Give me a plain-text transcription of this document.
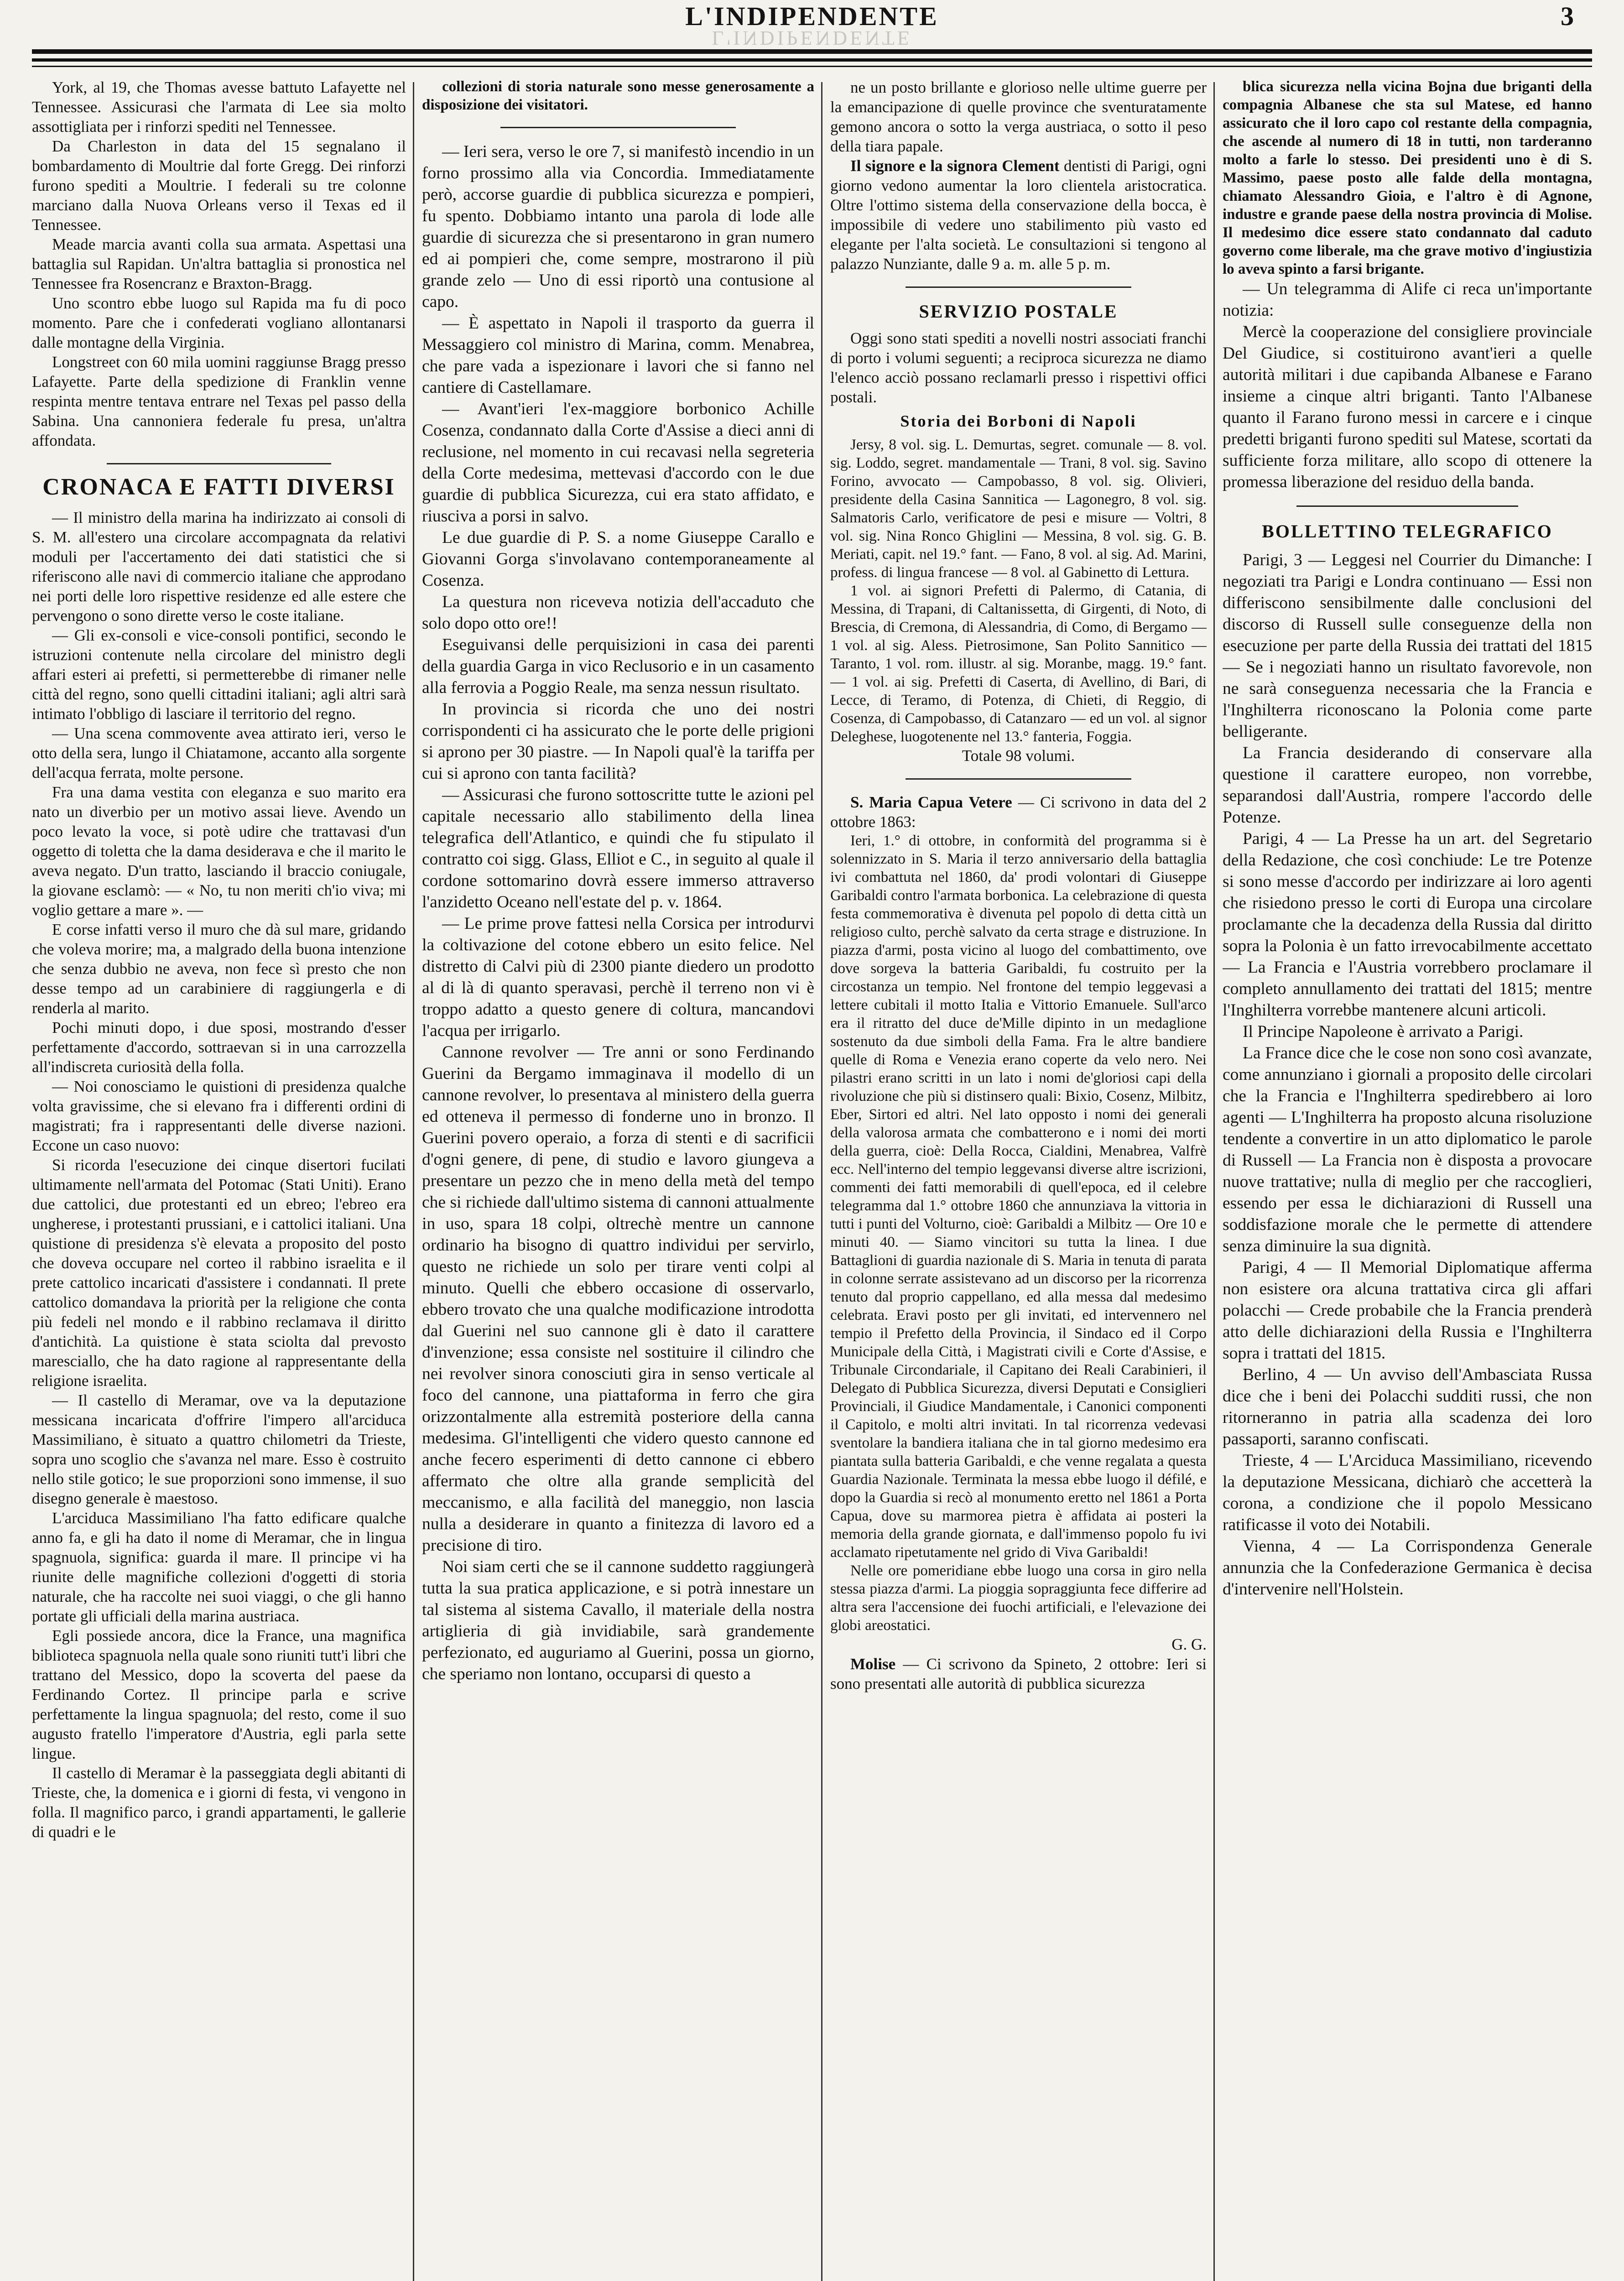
L'INDIPENDENTE	3
L'INDIPENDENTE

York, al 19, che Thomas avesse battuto Lafayette nel Tennessee. Assicurasi che l'armata di Lee sia molto assottigliata per i rinforzi spediti nel Tennessee.

Da Charleston in data del 15 segnalano il bombardamento di Moultrie dal forte Gregg. Dei rinforzi furono spediti a Moultrie. I federali su tre colonne marciano dalla Nuova Orleans verso il Texas ed il Tennessee.

Meade marcia avanti colla sua armata. Aspettasi una battaglia sul Rapidan. Un'altra battaglia si pronostica nel Tennessee fra Rosencranz e Braxton-Bragg.

Uno scontro ebbe luogo sul Rapida ma fu di poco momento. Pare che i confederati vogliano allontanarsi dalle montagne della Virginia.

Longstreet con 60 mila uomini raggiunse Bragg presso Lafayette. Parte della spedizione di Franklin venne respinta mentre tentava entrare nel Texas pel passo della Sabina. Una cannoniera federale fu presa, un'altra affondata.

CRONACA E FATTI DIVERSI

— Il ministro della marina ha indirizzato ai consoli di S. M. all'estero una circolare accompagnata da relativi moduli per l'accertamento dei dati statistici che si riferiscono alle navi di commercio italiane che approdano nei porti delle loro rispettive residenze ed alle estere che pervengono o sono dirette verso le coste italiane.

— Gli ex-consoli e vice-consoli pontifici, secondo le istruzioni contenute nella circolare del ministro degli affari esteri ai prefetti, si permetterebbe di rimaner nelle città del regno, sono quelli cittadini italiani; agli altri sarà intimato l'obbligo di lasciare il territorio del regno.

— Una scena commovente avea attirato ieri, verso le otto della sera, lungo il Chiatamone, accanto alla sorgente dell'acqua ferrata, molte persone.

Fra una dama vestita con eleganza e suo marito era nato un diverbio per un motivo assai lieve. Avendo un poco levato la voce, si potè udire che trattavasi d'un oggetto di toletta che la dama desiderava e che il marito le aveva negato. D'un tratto, lasciando il braccio coniugale, la giovane esclamò: — « No, tu non meriti ch'io viva; mi voglio gettare a mare ». —

E corse infatti verso il muro che dà sul mare, gridando che voleva morire; ma, a malgrado della buona intenzione che senza dubbio ne aveva, non fece sì presto che non desse tempo ad un carabiniere di raggiungerla e di renderla al marito.

Pochi minuti dopo, i due sposi, mostrando d'esser perfettamente d'accordo, sottraevan si in una carrozzella all'indiscreta curiosità della folla.

— Noi conosciamo le quistioni di presidenza qualche volta gravissime, che si elevano fra i differenti ordini di magistrati; fra i rappresentanti delle diverse nazioni. Eccone un caso nuovo:

Si ricorda l'esecuzione dei cinque disertori fucilati ultimamente nell'armata del Potomac (Stati Uniti). Erano due cattolici, due protestanti ed un ebreo; l'ebreo era ungherese, i protestanti prussiani, e i cattolici italiani. Una quistione di presidenza s'è elevata a proposito del posto che doveva occupare nel corteo il rabbino israelita e il prete cattolico incaricati d'assistere i condannati. Il prete cattolico domandava la priorità per la religione che conta più fedeli nel mondo e il rabbino reclamava il diritto d'antichità. La quistione è stata sciolta dal prevosto maresciallo, che ha dato ragione al rappresentante della religione israelita.

— Il castello di Meramar, ove va la deputazione messicana incaricata d'offrire l'impero all'arciduca Massimiliano, è situato a quattro chilometri da Trieste, sopra uno scoglio che s'avanza nel mare. Esso è costruito nello stile gotico; le sue proporzioni sono immense, il suo disegno generale è maestoso.

L'arciduca Massimiliano l'ha fatto edificare qualche anno fa, e gli ha dato il nome di Meramar, che in lingua spagnuola, significa: guarda il mare. Il principe vi ha riunite delle magnifiche collezioni d'oggetti di storia naturale, che ha raccolte nei suoi viaggi, o che gli hanno portate gli ufficiali della marina austriaca.

Egli possiede ancora, dice la France, una magnifica biblioteca spagnuola nella quale sono riuniti tutt'i libri che trattano del Messico, dopo la scoverta del paese da Ferdinando Cortez. Il principe parla e scrive perfettamente la lingua spagnuola; del resto, come il suo augusto fratello l'imperatore d'Austria, egli parla sette lingue.

Il castello di Meramar è la passeggiata degli abitanti di Trieste, che, la domenica e i giorni di festa, vi vengono in folla. Il magnifico parco, i grandi appartamenti, le gallerie di quadri e le

collezioni di storia naturale sono messe generosamente a disposizione dei visitatori.

— Ieri sera, verso le ore 7, si manifestò incendio in un forno prossimo alla via Concordia. Immediatamente però, accorse guardie di pubblica sicurezza e pompieri, fu spento. Dobbiamo intanto una parola di lode alle guardie di sicurezza che si presentarono in gran numero ed ai pompieri che, come sempre, mostrarono il più grande zelo — Uno di essi riportò una contusione al capo.

— È aspettato in Napoli il trasporto da guerra il Messaggiero col ministro di Marina, comm. Menabrea, che pare vada a ispezionare i lavori che si fanno nel cantiere di Castellamare.

— Avant'ieri l'ex-maggiore borbonico Achille Cosenza, condannato dalla Corte d'Assise a dieci anni di reclusione, nel momento in cui recavasi nella segreteria della Corte medesima, mettevasi d'accordo con le due guardie di pubblica Sicurezza, cui era stato affidato, e riusciva a porsi in salvo.

Le due guardie di P. S. a nome Giuseppe Carallo e Giovanni Gorga s'involavano contemporaneamente al Cosenza.

La questura non riceveva notizia dell'accaduto che solo dopo otto ore!!

Eseguivansi delle perquisizioni in casa dei parenti della guardia Garga in vico Reclusorio e in un casamento alla ferrovia a Poggio Reale, ma senza nessun risultato.

In provincia si ricorda che uno dei nostri corrispondenti ci ha assicurato che le porte delle prigioni si aprono per 30 piastre. — In Napoli qual'è la tariffa per cui si aprono con tanta facilità?

— Assicurasi che furono sottoscritte tutte le azioni pel capitale necessario allo stabilimento della linea telegrafica dell'Atlantico, e quindi che fu stipulato il contratto coi sigg. Glass, Elliot e C., in seguito al quale il cordone sottomarino dovrà essere immerso attraverso l'anzidetto Oceano nell'estate del p. v. 1864.

— Le prime prove fattesi nella Corsica per introdurvi la coltivazione del cotone ebbero un esito felice. Nel distretto di Calvi più di 2300 piante diedero un prodotto al di là di quanto speravasi, perchè il terreno non vi è troppo adatto a questo genere di coltura, mancandovi l'acqua per irrigarlo.

Cannone revolver — Tre anni or sono Ferdinando Guerini da Bergamo immaginava il modello di un cannone revolver, lo presentava al ministero della guerra ed otteneva il permesso di fonderne uno in bronzo. Il Guerini povero operaio, a forza di stenti e di sacrificii d'ogni genere, di pene, di studio e lavoro giungeva a presentare un pezzo che in meno della metà del tempo che si richiede dall'ultimo sistema di cannoni attualmente in uso, spara 18 colpi, oltrechè mentre un cannone ordinario ha bisogno di quattro individui per servirlo, questo ne richiede un solo per tirare venti colpi al minuto. Quelli che ebbero occasione di osservarlo, ebbero trovato che una qualche modificazione introdotta dal Guerini nel suo cannone gli è dato il carattere d'invenzione; essa consiste nel sostituire il cilindro che nei revolver sinora conosciuti gira in senso verticale al foco del cannone, una piattaforma in ferro che gira orizzontalmente alla estremità posteriore della canna medesima. Gl'intelligenti che videro questo cannone ed anche fecero esperimenti di detto cannone ci ebbero affermato che oltre alla grande semplicità del meccanismo, e alla facilità del maneggio, non lascia nulla a desiderare in quanto a finitezza di lavoro ed a precisione di tiro.

Noi siam certi che se il cannone suddetto raggiungerà tutta la sua pratica applicazione, e si potrà innestare un tal sistema al sistema Cavallo, il materiale della nostra artiglieria di già invidiabile, sarà grandemente perfezionato, ed auguriamo al Guerini, possa un giorno, che speriamo non lontano, occuparsi di questo a

ne un posto brillante e glorioso nelle ultime guerre per la emancipazione di quelle province che sventuratamente gemono ancora o sotto la verga austriaca, o sotto il peso della tiara papale.

Il signore e la signora Clement dentisti di Parigi, ogni giorno vedono aumentar la loro clientela aristocratica. Oltre l'ottimo sistema della conservazione della bocca, è impossibile di vedere uno stabilimento più vasto ed elegante per l'alta società. Le consultazioni si tengono al palazzo Nunziante, dalle 9 a. m. alle 5 p. m.

SERVIZIO POSTALE

Oggi sono stati spediti a novelli nostri associati franchi di porto i volumi seguenti; a reciproca sicurezza ne diamo l'elenco acciò possano reclamarli presso i rispettivi offici postali.

Storia dei Borboni di Napoli

Jersy, 8 vol. sig. L. Demurtas, segret. comunale — 8. vol. sig. Loddo, segret. mandamentale — Trani, 8 vol. sig. Savino Forino, avvocato — Campobasso, 8 vol. sig. Olivieri, presidente della Casina Sannitica — Lagonegro, 8 vol. sig. Salmatoris Carlo, verificatore de pesi e misure — Voltri, 8 vol. sig. Nina Ronco Ghiglini — Messina, 8 vol. sig. G. B. Meriati, capit. nel 19.° fant. — Fano, 8 vol. al sig. Ad. Marini, profess. di lingua francese — 8 vol. al Gabinetto di Lettura.

1 vol. ai signori Prefetti di Palermo, di Catania, di Messina, di Trapani, di Caltanissetta, di Girgenti, di Noto, di Brescia, di Cremona, di Alessandria, di Como, di Bergamo — 1 vol. al sig. Aless. Pietrosimone, San Polito Sannitico — Taranto, 1 vol. rom. illustr. al sig. Moranbe, magg. 19.° fant. — 1 vol. ai sig. Prefetti di Caserta, di Avellino, di Bari, di Lecce, di Teramo, di Potenza, di Chieti, di Reggio, di Cosenza, di Campobasso, di Catanzaro — ed un vol. al signor Deleghese, luogotenente nel 13.° fanteria, Foggia.

Totale 98 volumi.

S. Maria Capua Vetere — Ci scrivono in data del 2 ottobre 1863:

Ieri, 1.° di ottobre, in conformità del programma si è solennizzato in S. Maria il terzo anniversario della battaglia ivi combattuta nel 1860, da' prodi volontari di Giuseppe Garibaldi contro l'armata borbonica. La celebrazione di questa festa commemorativa è divenuta pel popolo di detta città un religioso culto, perchè salvato da certa strage e distruzione. In piazza d'armi, posta vicino al luogo del combattimento, ove dove sorgeva la batteria Garibaldi, fu costruito per la circostanza un tempio. Nel frontone del tempio leggevasi a lettere cubitali il motto Italia e Vittorio Emanuele. Sull'arco era il ritratto del duce de'Mille dipinto in un medaglione sostenuto da due simboli della Fama. Fra le altre bandiere quelle di Roma e Venezia erano coperte da velo nero. Nei pilastri erano scritti in un lato i nomi de'gloriosi capi della rivoluzione che più si distinsero quali: Bixio, Cosenz, Milbitz, Eber, Sirtori ed altri. Nel lato opposto i nomi dei generali della valorosa armata che combatterono e i nomi dei morti della guerra, cioè: Della Rocca, Cialdini, Menabrea, Valfrè ecc. Nell'interno del tempio leggevansi diverse altre iscrizioni, commenti dei fatti memorabili di quell'epoca, ed il celebre telegramma dal 1.° ottobre 1860 che annunziava la vittoria in tutti i punti del Volturno, cioè: Garibaldi a Milbitz — Ore 10 e minuti 40. — Siamo vincitori su tutta la linea. I due Battaglioni di guardia nazionale di S. Maria in tenuta di parata in colonne serrate assistevano ad un discorso per la ricorrenza tenuto dal proprio cappellano, ed alla messa dal medesimo celebrata. Eravi posto per gli invitati, ed intervennero nel tempio il Prefetto della Provincia, il Sindaco ed il Corpo Municipale della Città, i Magistrati civili e Corte d'Assise, e Tribunale Circondariale, il Capitano dei Reali Carabinieri, il Delegato di Pubblica Sicurezza, diversi Deputati e Consiglieri Provinciali, il Giudice Mandamentale, i Canonici componenti il Capitolo, e molti altri invitati. In tal ricorrenza vedevasi sventolare la bandiera italiana che in tal giorno medesimo era piantata sulla batteria Garibaldi, e che venne regalata a questa Guardia Nazionale. Terminata la messa ebbe luogo il défilé, e dopo la Guardia si recò al monumento eretto nel 1861 a Porta Capua, dove su marmorea pietra è affidata ai posteri la memoria della grande giornata, e dall'immenso popolo fu ivi acclamato ripetutamente nel grido di Viva Garibaldi!

Nelle ore pomeridiane ebbe luogo una corsa in giro nella stessa piazza d'armi. La pioggia sopraggiunta fece differire ad altra sera l'accensione dei fuochi artificiali, e l'elevazione dei globi areostatici.

G. G.

Molise — Ci scrivono da Spineto, 2 ottobre: Ieri si sono presentati alle autorità di pubblica sicurezza

blica sicurezza nella vicina Bojna due briganti della compagnia Albanese che sta sul Matese, ed hanno assicurato che il loro capo col restante della compagnia, che ascende al numero di 18 in tutti, non tarderanno molto a farle lo stesso. Dei presidenti uno è di S. Massimo, paese posto alle falde della montagna, chiamato Alessandro Gioia, e l'altro è di Agnone, industre e grande paese della nostra provincia di Molise. Il medesimo dice essere stato condannato dal caduto governo come liberale, ma che grave motivo d'ingiustizia lo aveva spinto a farsi brigante.

— Un telegramma di Alife ci reca un'importante notizia:

Mercè la cooperazione del consigliere provinciale Del Giudice, si costituirono avant'ieri a quelle autorità militari i due capibanda Albanese e Farano insieme a cinque altri briganti. Tanto l'Albanese quanto il Farano furono messi in carcere e i cinque predetti briganti furono spediti sul Matese, scortati da sufficiente forza militare, allo scopo di ottenere la promessa liberazione del residuo della banda.

BOLLETTINO TELEGRAFICO

Parigi, 3 — Leggesi nel Courrier du Dimanche: I negoziati tra Parigi e Londra continuano — Essi non differiscono sensibilmente dalle conclusioni del discorso di Russell sulle conseguenze della non esecuzione per parte della Russia dei trattati del 1815 — Se i negoziati hanno un risultato favorevole, non ne sarà conseguenza necessaria che la Francia e l'Inghilterra riconoscano la Polonia come parte belligerante.

La Francia desiderando di conservare alla questione il carattere europeo, non vorrebbe, separandosi dall'Austria, rompere l'accordo delle Potenze.

Parigi, 4 — La Presse ha un art. del Segretario della Redazione, che così conchiude: Le tre Potenze si sono messe d'accordo per indirizzare ai loro agenti che risiedono presso le corti di Europa una circolare proclamante che la decadenza della Russia dal diritto sopra la Polonia è un fatto irrevocabilmente accettato — La Francia e l'Austria vorrebbero proclamare il completo annullamento dei trattati del 1815; mentre l'Inghilterra vorrebbe mantenere alcuni articoli.

Il Principe Napoleone è arrivato a Parigi.

La France dice che le cose non sono così avanzate, come annunziano i giornali a proposito delle circolari che la Francia e l'Inghilterra spedirebbero ai loro agenti — L'Inghilterra ha proposto alcuna risoluzione tendente a convertire in un atto diplomatico le parole di Russell — La Francia non è disposta a provocare nuove trattative; nulla di meglio per che raccoglieri, essendo per essa le dichiarazioni di Russell una soddisfazione morale che le permette di attendere senza diminuire la sua dignità.

Parigi, 4 — Il Memorial Diplomatique afferma non esistere ora alcuna trattativa circa gli affari polacchi — Crede probabile che la Francia prenderà atto delle dichiarazioni della Russia e l'Inghilterra sopra i trattati del 1815.

Berlino, 4 — Un avviso dell'Ambasciata Russa dice che i beni dei Polacchi sudditi russi, che non ritorneranno in patria alla scadenza dei loro passaporti, saranno confiscati.

Trieste, 4 — L'Arciduca Massimiliano, ricevendo la deputazione Messicana, dichiarò che accetterà la corona, a condizione che il popolo Messicano ratificasse il voto dei Notabili.

Vienna, 4 — La Corrispondenza Generale annunzia che la Confederazione Germanica è decisa d'intervenire nell'Holstein.
